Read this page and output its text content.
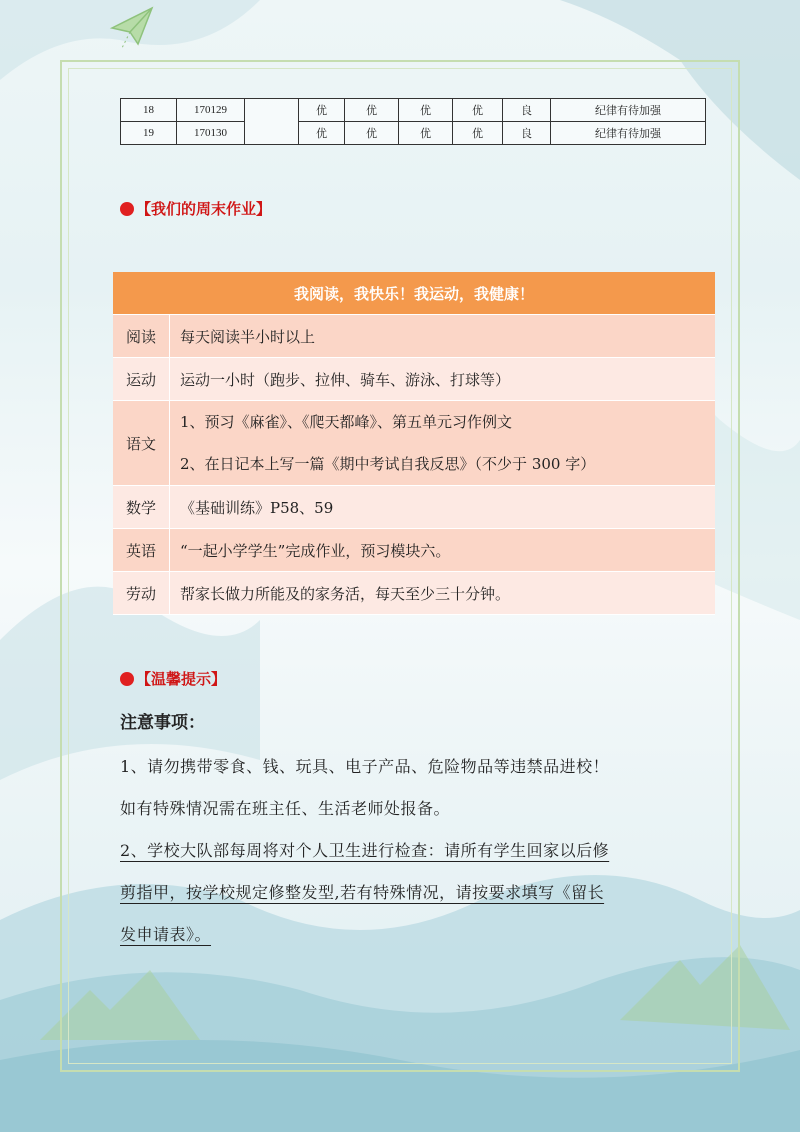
18	170129		优	优	优	优	良	纪律有待加强
19	170130		优	优	优	优	良	纪律有待加强
【我们的周末作业】
我阅读，我快乐！我运动，我健康！	
阅读	每天阅读半小时以上
运动	运动一小时（跑步、拉伸、骑车、游泳、打球等）
语文	1、预习《麻雀》、《爬天都峰》、第五单元习作例文
2、在日记本上写一篇《期中考试自我反思》（不少于 300 字）

数学	《基础训练》P58、59
英语	“一起小学学生”完成作业，预习模块六。
劳动	帮家长做力所能及的家务活，每天至少三十分钟。
【温馨提示】
注意事项：
1、请勿携带零食、钱、玩具、电子产品、危险物品等违禁品进校！
如有特殊情况需在班主任、生活老师处报备。
2、学校大队部每周将对个人卫生进行检查：请所有学生回家以后修
剪指甲，按学校规定修整发型,若有特殊情况，请按要求填写《留长
发申请表》。
